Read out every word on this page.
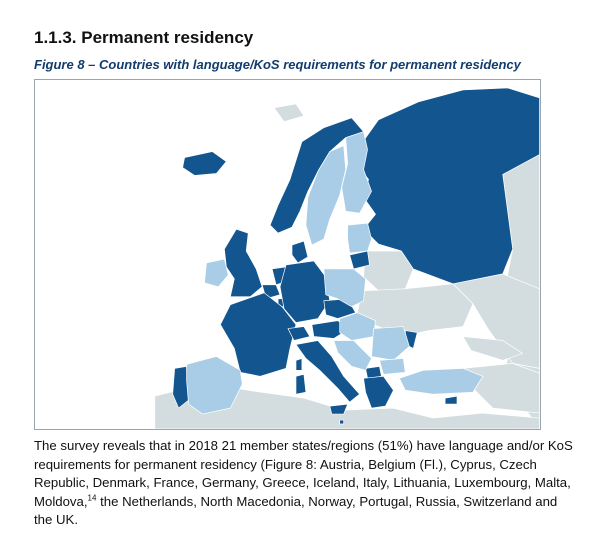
1.1.3. Permanent residency

Figure 8 – Countries with language/KoS requirements for permanent residency

The survey reveals that in 2018 21 member states/regions (51%) have language and/or KoS requirements for permanent residency (Figure 8: Austria, Belgium (Fl.), Cyprus, Czech Republic, Denmark, France, Germany, Greece, Iceland, Italy, Lithuania, Luxembourg, Malta, Moldova,$^{14}$ the Netherlands, North Macedonia, Norway, Portugal, Russia, Switzerland and the UK.
